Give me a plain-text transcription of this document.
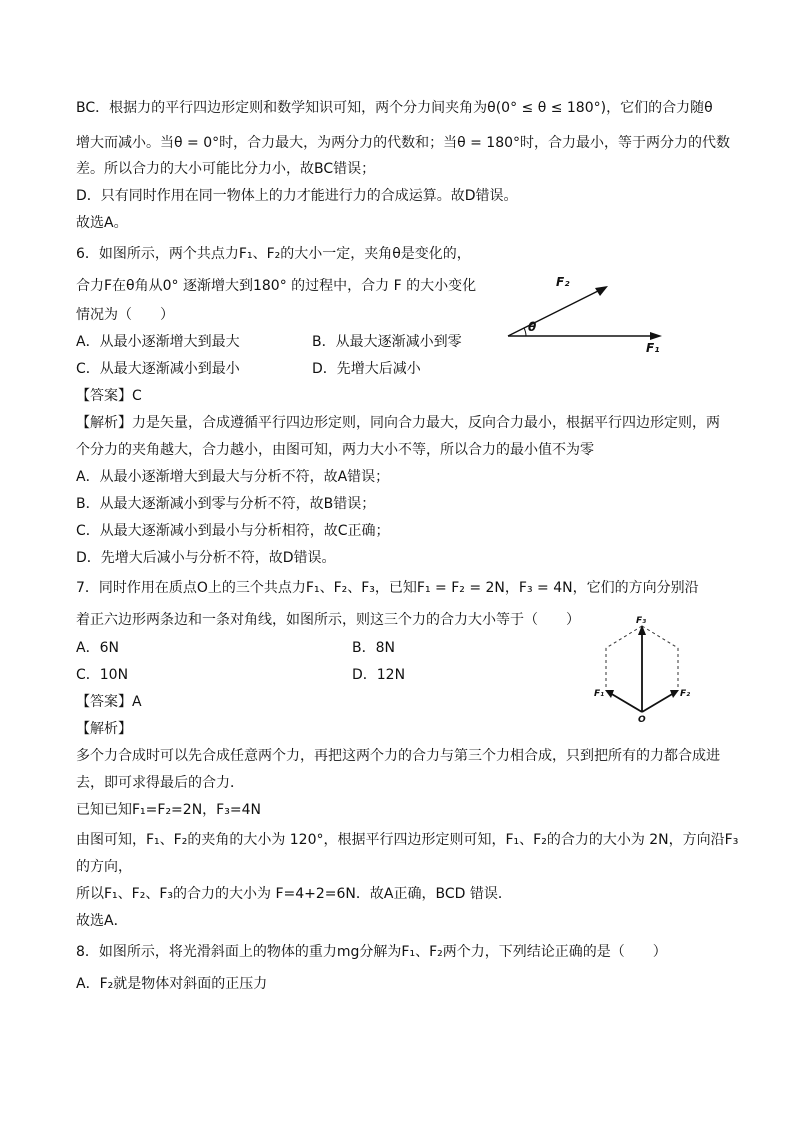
BC．根据力的平行四边形定则和数学知识可知，两个分力间夹角为θ(0° ≤ θ ≤ 180°)，它们的合力随θ
增大而减小。当θ = 0°时，合力最大，为两分力的代数和；当θ = 180°时，合力最小，等于两分力的代数
差。所以合力的大小可能比分力小，故BC错误；
D．只有同时作用在同一物体上的力才能进行力的合成运算。故D错误。
故选A。
6．如图所示，两个共点力F₁、F₂的大小一定，夹角θ是变化的，
合力F在θ角从0° 逐渐增大到180° 的过程中，合力 F 的大小变化
情况为（　　）
A．从最小逐渐增大到最大	B．从最大逐渐减小到零
C．从最大逐渐减小到最小	D．先增大后减小
【答案】C
【解析】力是矢量，合成遵循平行四边形定则，同向合力最大，反向合力最小，根据平行四边形定则，两
个分力的夹角越大，合力越小，由图可知，两力大小不等，所以合力的最小值不为零
A．从最小逐渐增大到最大与分析不符，故A错误；
B．从最大逐渐减小到零与分析不符，故B错误；
C．从最大逐渐减小到最小与分析相符，故C正确；
D．先增大后减小与分析不符，故D错误。
θ
F₂
F₁
7．同时作用在质点O上的三个共点力F₁、F₂、F₃，已知F₁ = F₂ = 2N，F₃ = 4N，它们的方向分别沿
着正六边形两条边和一条对角线，如图所示，则这三个力的合力大小等于（　　）
A．6N	B．8N
C．10N	D．12N
【答案】A
【解析】
多个力合成时可以先合成任意两个力，再把这两个力的合力与第三个力相合成，只到把所有的力都合成进
去，即可求得最后的合力．
已知已知F₁=F₂=2N，F₃=4N
由图可知，F₁、F₂的夹角的大小为 120°，根据平行四边形定则可知，F₁、F₂的合力的大小为 2N，方向沿F₃
的方向，
所以F₁、F₂、F₃的合力的大小为 F=4+2=6N．故A正确，BCD 错误．
故选A．
F₃
F₁	F₂
O
8．如图所示，将光滑斜面上的物体的重力mg分解为F₁、F₂两个力，下列结论正确的是（　　）
A．F₂就是物体对斜面的正压力
